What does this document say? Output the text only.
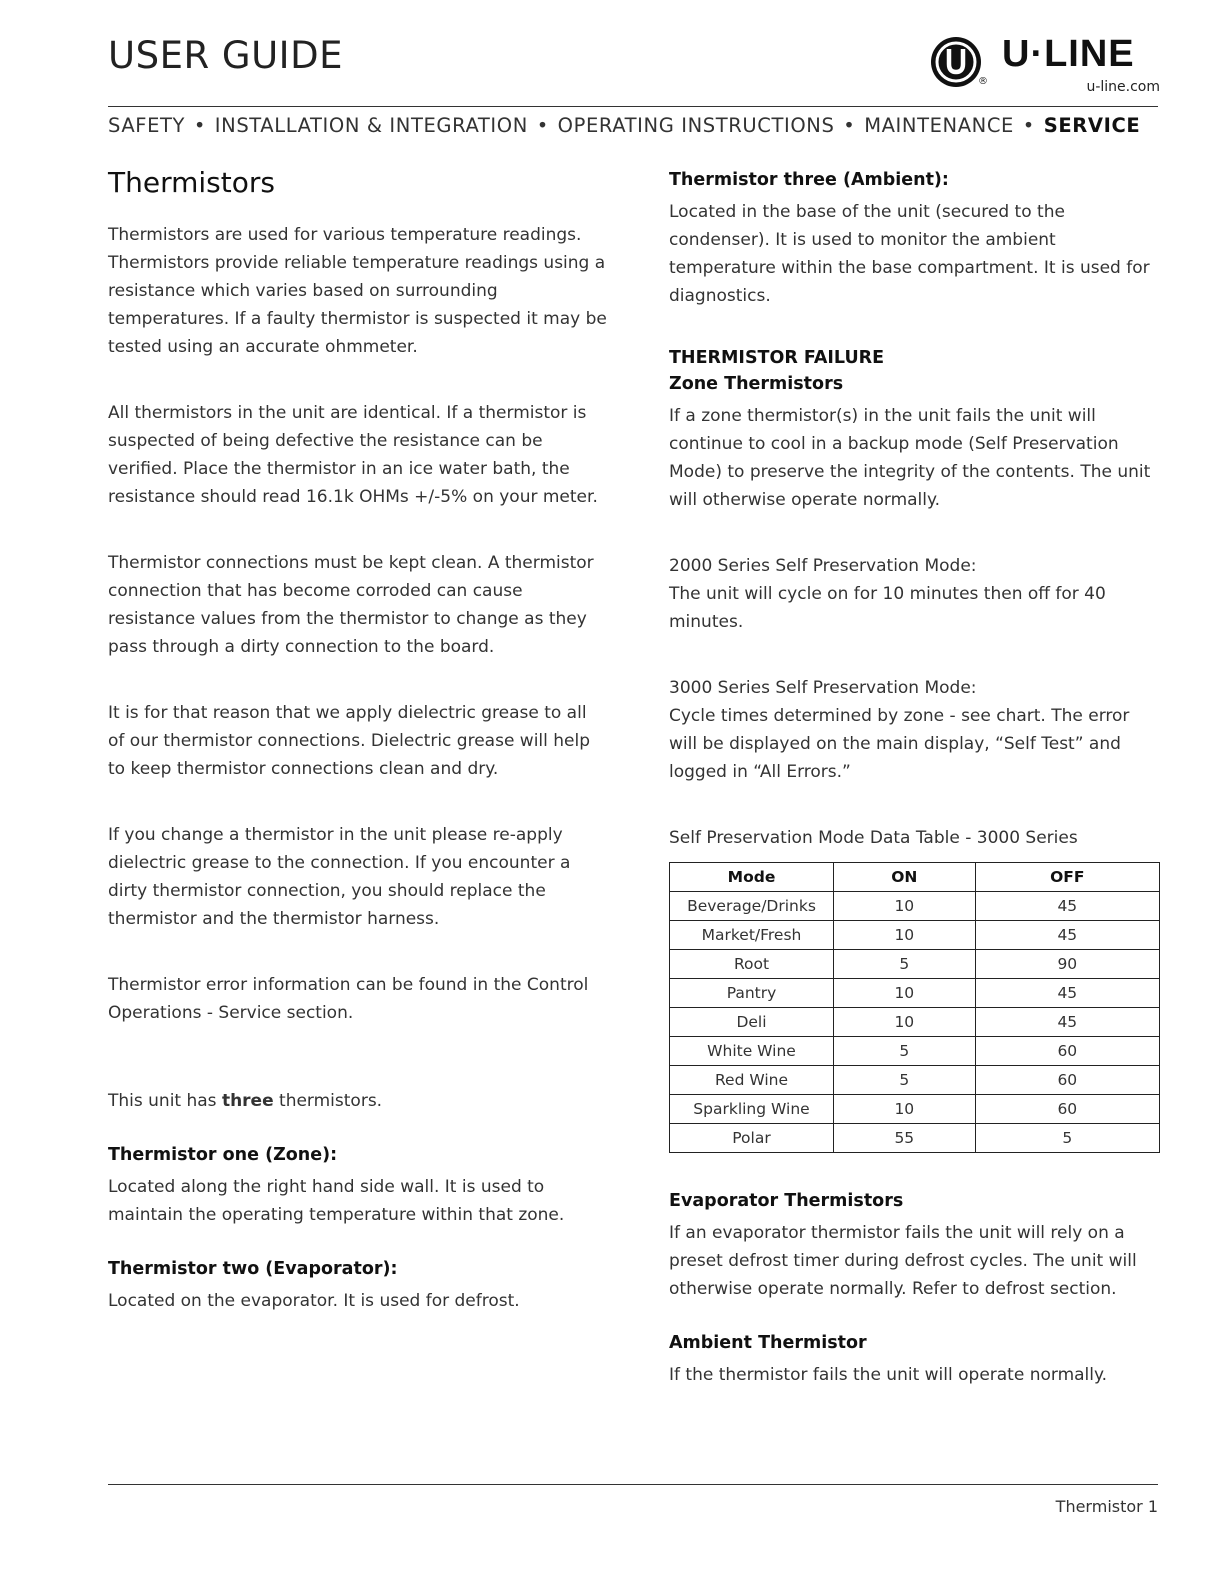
USER GUIDE
®
U·LINE
u-line.com
SAFETY • INSTALLATION & INTEGRATION • OPERATING INSTRUCTIONS • MAINTENANCE • SERVICE
Thermistors

Thermistors are used for various temperature readings. Thermistors provide reliable temperature readings using a resistance which varies based on surrounding temperatures. If a faulty thermistor is suspected it may be tested using an accurate ohmmeter.

All thermistors in the unit are identical. If a thermistor is suspected of being defective the resistance can be verified. Place the thermistor in an ice water bath, the resistance should read 16.1k OHMs +/-5% on your meter.

Thermistor connections must be kept clean. A thermistor connection that has become corroded can cause resistance values from the thermistor to change as they pass through a dirty connection to the board.

It is for that reason that we apply dielectric grease to all of our thermistor connections. Dielectric grease will help to keep thermistor connections clean and dry.

If you change a thermistor in the unit please re-apply dielectric grease to the connection. If you encounter a dirty thermistor connection, you should replace the thermistor and the thermistor harness.

Thermistor error information can be found in the Control Operations - Service section.

This unit has three thermistors.

Thermistor one (Zone):

Located along the right hand side wall. It is used to maintain the operating temperature within that zone.

Thermistor two (Evaporator):

Located on the evaporator. It is used for defrost.

Thermistor three (Ambient):

Located in the base of the unit (secured to the condenser). It is used to monitor the ambient temperature within the base compartment. It is used for diagnostics.

THERMISTOR FAILURE
Zone Thermistors

If a zone thermistor(s) in the unit fails the unit will continue to cool in a backup mode (Self Preservation Mode) to preserve the integrity of the contents. The unit will otherwise operate normally.

2000 Series Self Preservation Mode:

The unit will cycle on for 10 minutes then off for 40 minutes.

3000 Series Self Preservation Mode:

Cycle times determined by zone - see chart. The error will be displayed on the main display, “Self Test” and logged in “All Errors.”

Self Preservation Mode Data Table - 3000 Series

Mode	ON	OFF
Beverage/Drinks	10	45
Market/Fresh	10	45
Root	5	90
Pantry	10	45
Deli	10	45
White Wine	5	60
Red Wine	5	60
Sparkling Wine	10	60
Polar	55	5
Evaporator Thermistors

If an evaporator thermistor fails the unit will rely on a preset defrost timer during defrost cycles. The unit will otherwise operate normally. Refer to defrost section.

Ambient Thermistor

If the thermistor fails the unit will operate normally.

Thermistor 1
